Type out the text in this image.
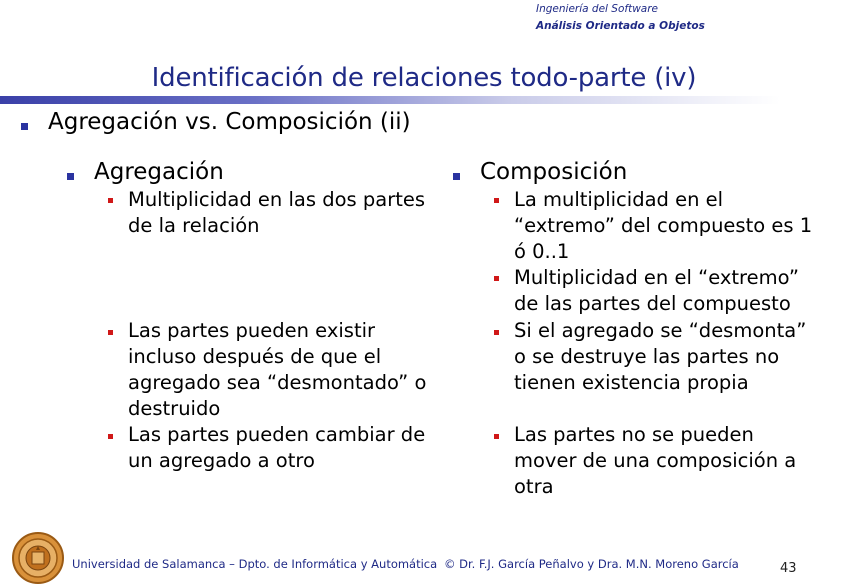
Ingeniería del Software
Análisis Orientado a Objetos
Identificación de relaciones todo-parte (iv)
Agregación vs. Composición (ii)
Agregación
Multiplicidad en las dos partes de la relación
Las partes pueden existir incluso después de que el agregado sea “desmontado” o destruido
Las partes pueden cambiar de un agregado a otro
Composición
La multiplicidad en el “extremo” del compuesto es 1 ó 0..1
Multiplicidad en el “extremo” de las partes del compuesto
Si el agregado se “desmonta” o se destruye las partes no tienen existencia propia
Las partes no se pueden mover de una composición a otra
Universidad de Salamanca – Dpto. de Informática y Automática © Dr. F.J. García Peñalvo y Dra. M.N. Moreno García	43
